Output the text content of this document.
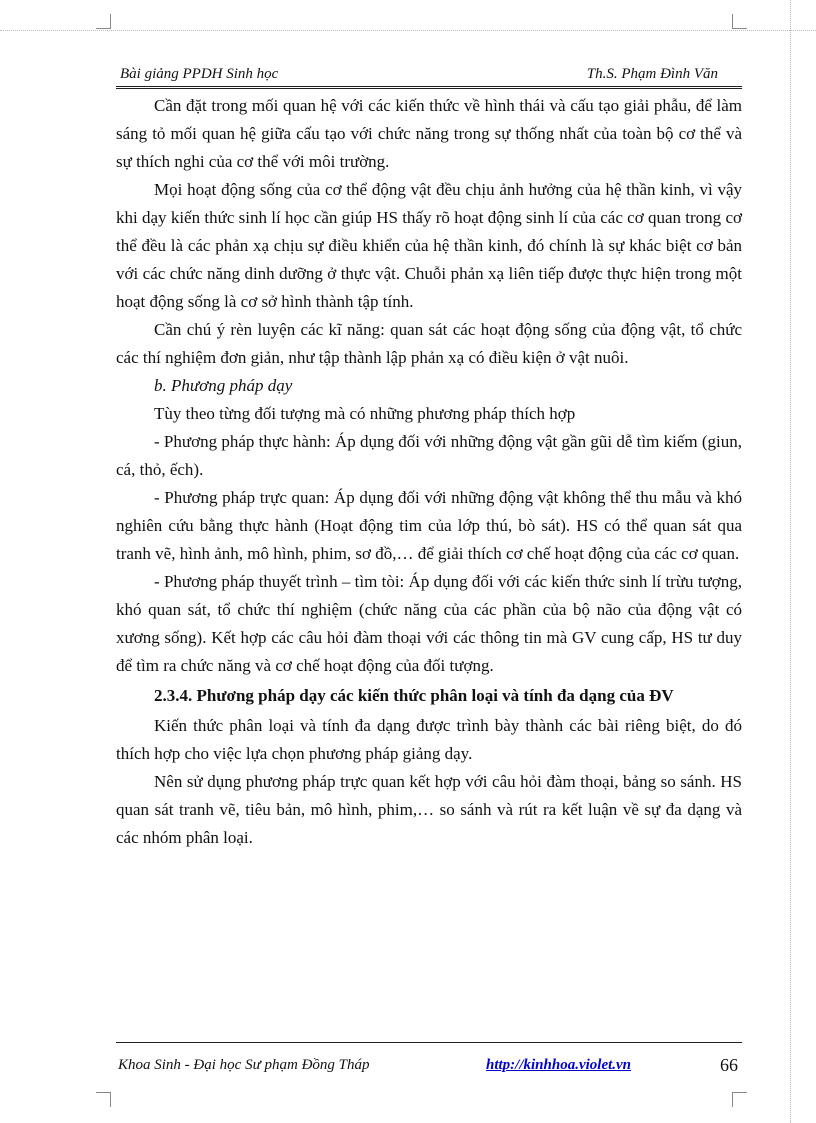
Bài giảng PPDH Sinh học	Th.S. Phạm Đình Văn

Cần đặt trong mối quan hệ với các kiến thức về hình thái và cấu tạo giải phẫu, để làm sáng tỏ mối quan hệ giữa cấu tạo với chức năng trong sự thống nhất của toàn bộ cơ thể và sự thích nghi của cơ thể với môi trường.

Mọi hoạt động sống của cơ thể động vật đều chịu ảnh hưởng của hệ thần kinh, vì vậy khi dạy kiến thức sinh lí học cần giúp HS thấy rõ hoạt động sinh lí của các cơ quan trong cơ thể đều là các phản xạ chịu sự điều khiển của hệ thần kinh, đó chính là sự khác biệt cơ bản với các chức năng dinh dưỡng ở thực vật. Chuỗi phản xạ liên tiếp được thực hiện trong một hoạt động sống là cơ sở hình thành tập tính.

Cần chú ý rèn luyện các kĩ năng: quan sát các hoạt động sống của động vật, tổ chức các thí nghiệm đơn giản, như tập thành lập phản xạ có điều kiện ở vật nuôi.

b. Phương pháp dạy

Tùy theo từng đối tượng mà có những phương pháp thích hợp

- Phương pháp thực hành: Áp dụng đối với những động vật gần gũi dễ tìm kiếm (giun, cá, thỏ, ếch).

- Phương pháp trực quan: Áp dụng đối với những động vật không thể thu mẫu và khó nghiên cứu bằng thực hành (Hoạt động tim của lớp thú, bò sát). HS có thể quan sát qua tranh vẽ, hình ảnh, mô hình, phim, sơ đồ,… để giải thích cơ chế hoạt động của các cơ quan.

- Phương pháp thuyết trình – tìm tòi: Áp dụng đối với các kiến thức sinh lí trừu tượng, khó quan sát, tổ chức thí nghiệm (chức năng của các phần của bộ não của động vật có xương sống). Kết hợp các câu hỏi đàm thoại với các thông tin mà GV cung cấp, HS tư duy để tìm ra chức năng và cơ chế hoạt động của đối tượng.

2.3.4. Phương pháp dạy các kiến thức phân loại và tính đa dạng của ĐV

Kiến thức phân loại và tính đa dạng được trình bày thành các bài riêng biệt, do đó thích hợp cho việc lựa chọn phương pháp giảng dạy.

Nên sử dụng phương pháp trực quan kết hợp với câu hỏi đàm thoại, bảng so sánh. HS quan sát tranh vẽ, tiêu bản, mô hình, phim,… so sánh và rút ra kết luận về sự đa dạng và các nhóm phân loại.

Khoa Sinh - Đại học Sư phạm Đồng Tháp	http://kinhhoa.violet.vn	66
